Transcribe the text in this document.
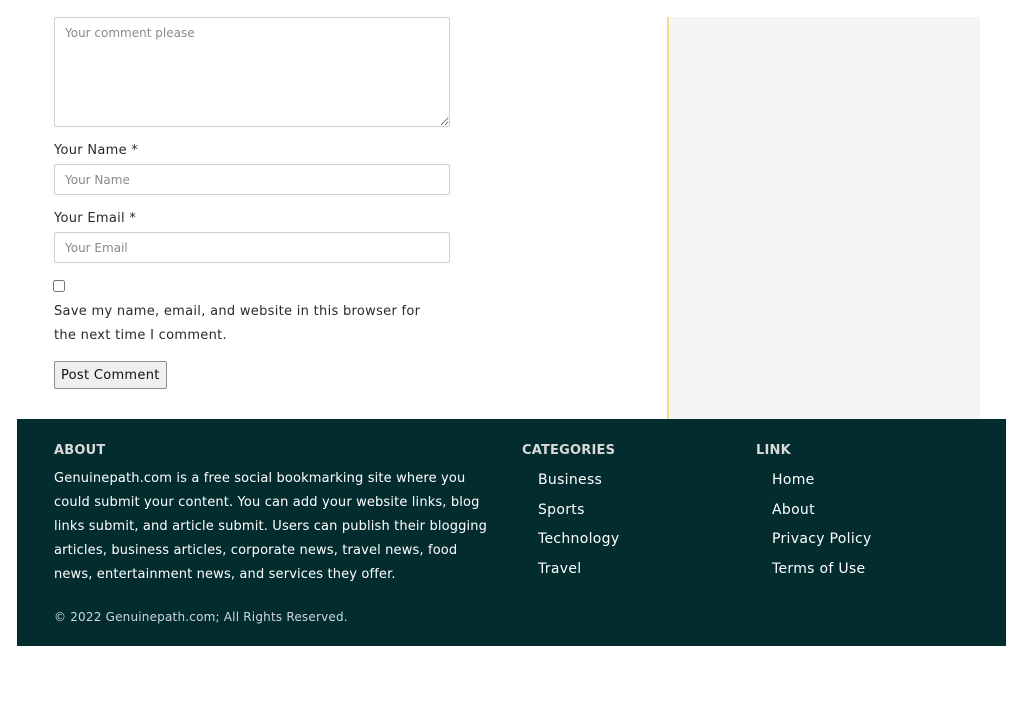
Your comment please
Your Name *
Your Name
Your Email *
Your Email
Save my name, email, and website in this browser for the next time I comment.
Post Comment
ABOUT

Genuinepath.com is a free social bookmarking site where you could submit your content. You can add your website links, blog links submit, and article submit. Users can publish their blogging articles, business articles, corporate news, travel news, food news, entertainment news, and services they offer.

CATEGORIES
Business
Sports
Technology
Travel
LINK
Home
About
Privacy Policy
Terms of Use
© 2022 Genuinepath.com; All Rights Reserved.
